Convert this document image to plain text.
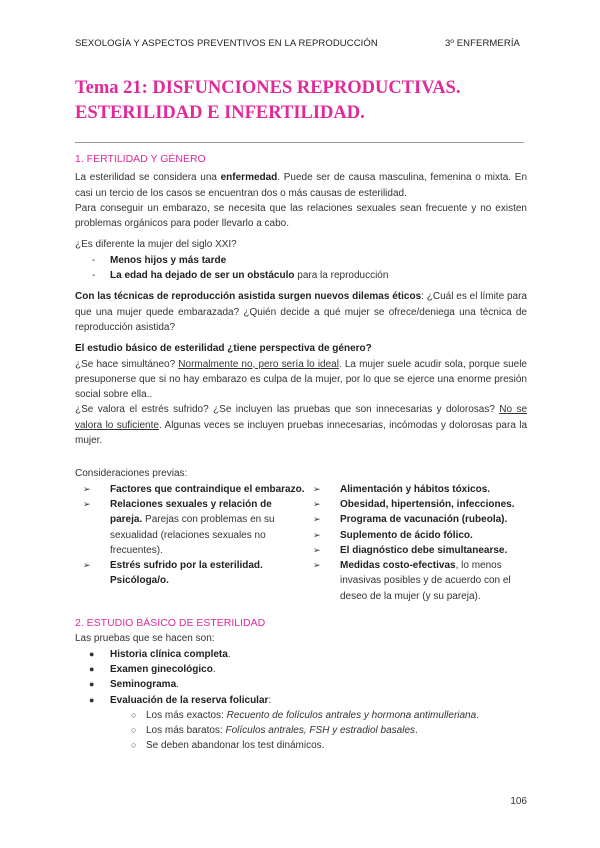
SEXOLOGÍA Y ASPECTOS PREVENTIVOS EN LA REPRODUCCIÓN	3º ENFERMERÍA
Tema 21: DISFUNCIONES REPRODUCTIVAS.
ESTERILIDAD E INFERTILIDAD.
1. FERTILIDAD Y GÉNERO

La esterilidad se considera una enfermedad. Puede ser de causa masculina, femenina o mixta. En casi un tercio de los casos se encuentran dos o más causas de esterilidad.

Para conseguir un embarazo, se necesita que las relaciones sexuales sean frecuente y no existen problemas orgánicos para poder llevarlo a cabo.

¿Es diferente la mujer del siglo XXI?

- Menos hijos y más tarde
- La edad ha dejado de ser un obstáculo para la reproducción

Con las técnicas de reproducción asistida surgen nuevos dilemas éticos: ¿Cuál es el límite para que una mujer quede embarazada? ¿Quién decide a qué mujer se ofrece/deniega una técnica de reproducción asistida?

El estudio básico de esterilidad ¿tiene perspectiva de género?

¿Se hace simultáneo? Normalmente no, pero sería lo ideal. La mujer suele acudir sola, porque suele presuponerse que si no hay embarazo es culpa de la mujer, por lo que se ejerce una enorme presión social sobre ella..

¿Se valora el estrés sufrido? ¿Se incluyen las pruebas que son innecesarias y dolorosas? No se valora lo suficiente. Algunas veces se incluyen pruebas innecesarias, incómodas y dolorosas para la mujer.

Consideraciones previas:

➢ Factores que contraindique el embarazo.
➢ Relaciones sexuales y relación de pareja. Parejas con problemas en su sexualidad (relaciones sexuales no frecuentes).
➢ Estrés sufrido por la esterilidad. Psicóloga/o.
➢ Alimentación y hábitos tóxicos.
➢ Obesidad, hipertensión, infecciones.
➢ Programa de vacunación (rubeola).
➢ Suplemento de ácido fólico.
➢ El diagnóstico debe simultanearse.
➢ Medidas costo-efectivas, lo menos invasivas posibles y de acuerdo con el deseo de la mujer (y su pareja).
2. ESTUDIO BÁSICO DE ESTERILIDAD

Las pruebas que se hacen son:

● Historia clínica completa.
● Examen ginecológico.
● Seminograma.
● Evaluación de la reserva folicular:
○ Los más exactos: Recuento de folículos antrales y hormona antimulleriana.
○ Los más baratos: Folículos antrales, FSH y estradiol basales.
○ Se deben abandonar los test dinámicos.
106
